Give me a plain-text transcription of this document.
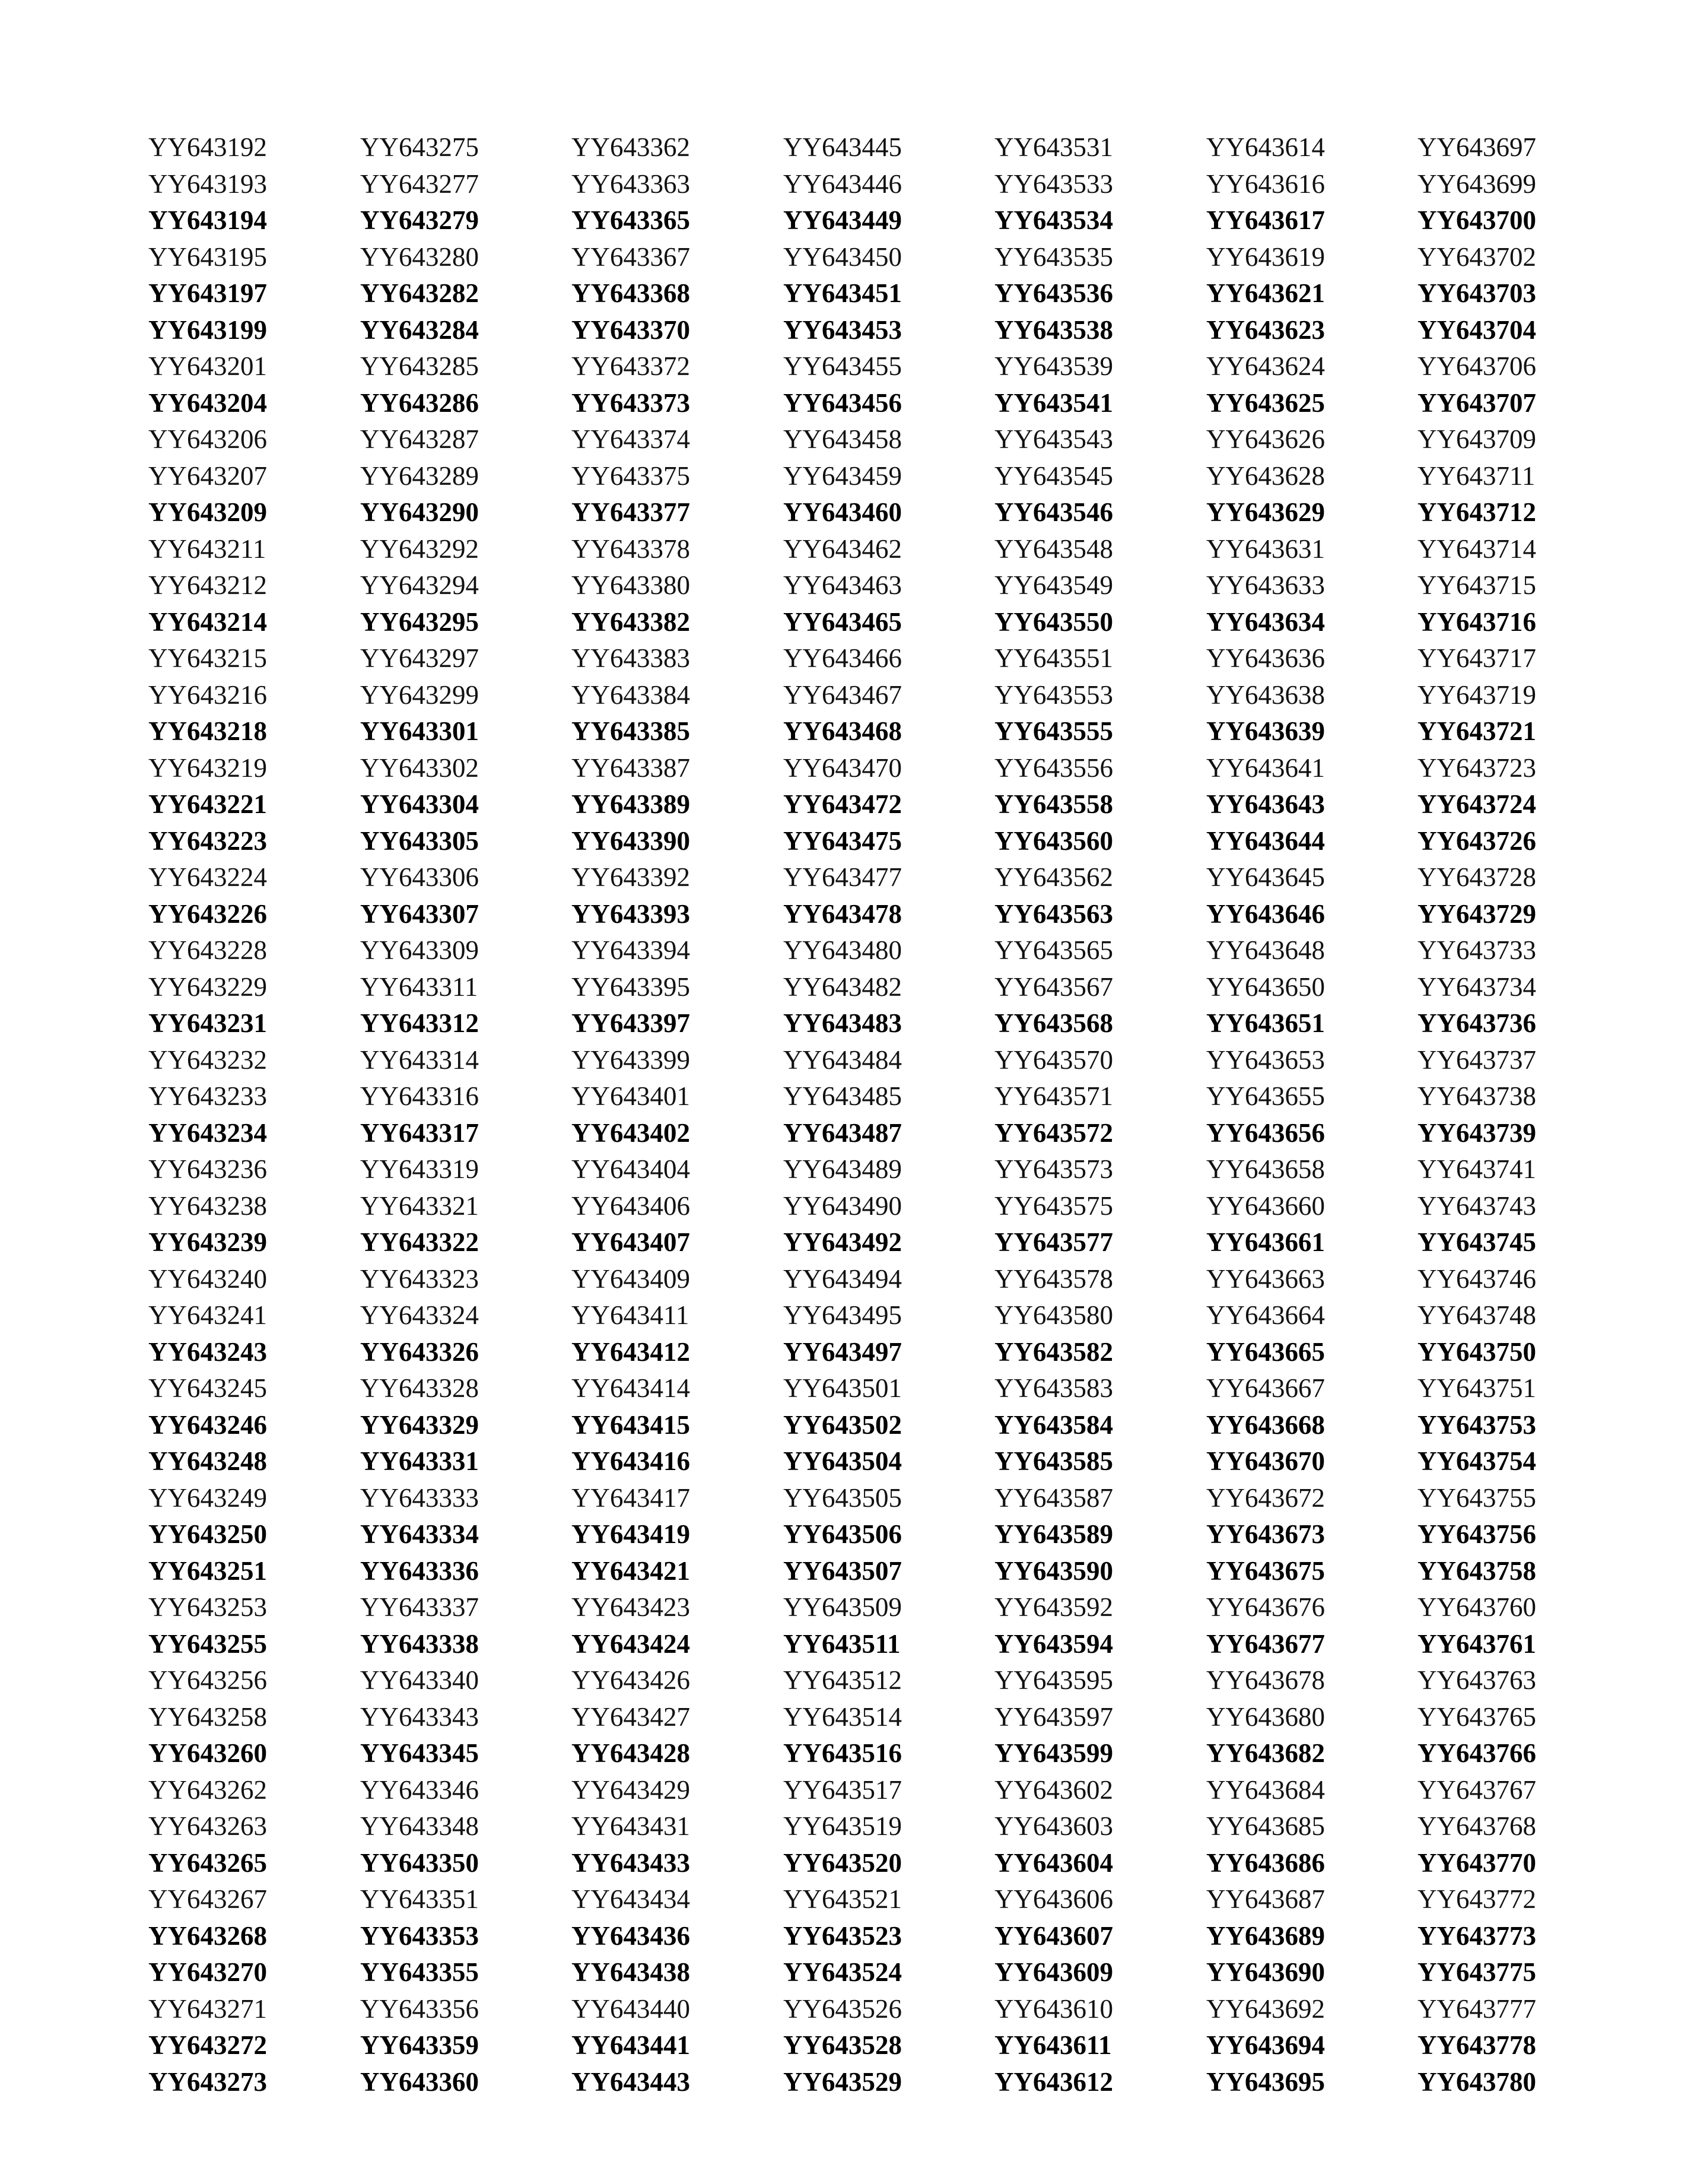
YY643192
YY643193
YY643194
YY643195
YY643197
YY643199
YY643201
YY643204
YY643206
YY643207
YY643209
YY643211
YY643212
YY643214
YY643215
YY643216
YY643218
YY643219
YY643221
YY643223
YY643224
YY643226
YY643228
YY643229
YY643231
YY643232
YY643233
YY643234
YY643236
YY643238
YY643239
YY643240
YY643241
YY643243
YY643245
YY643246
YY643248
YY643249
YY643250
YY643251
YY643253
YY643255
YY643256
YY643258
YY643260
YY643262
YY643263
YY643265
YY643267
YY643268
YY643270
YY643271
YY643272
YY643273
YY643275
YY643277
YY643279
YY643280
YY643282
YY643284
YY643285
YY643286
YY643287
YY643289
YY643290
YY643292
YY643294
YY643295
YY643297
YY643299
YY643301
YY643302
YY643304
YY643305
YY643306
YY643307
YY643309
YY643311
YY643312
YY643314
YY643316
YY643317
YY643319
YY643321
YY643322
YY643323
YY643324
YY643326
YY643328
YY643329
YY643331
YY643333
YY643334
YY643336
YY643337
YY643338
YY643340
YY643343
YY643345
YY643346
YY643348
YY643350
YY643351
YY643353
YY643355
YY643356
YY643359
YY643360
YY643362
YY643363
YY643365
YY643367
YY643368
YY643370
YY643372
YY643373
YY643374
YY643375
YY643377
YY643378
YY643380
YY643382
YY643383
YY643384
YY643385
YY643387
YY643389
YY643390
YY643392
YY643393
YY643394
YY643395
YY643397
YY643399
YY643401
YY643402
YY643404
YY643406
YY643407
YY643409
YY643411
YY643412
YY643414
YY643415
YY643416
YY643417
YY643419
YY643421
YY643423
YY643424
YY643426
YY643427
YY643428
YY643429
YY643431
YY643433
YY643434
YY643436
YY643438
YY643440
YY643441
YY643443
YY643445
YY643446
YY643449
YY643450
YY643451
YY643453
YY643455
YY643456
YY643458
YY643459
YY643460
YY643462
YY643463
YY643465
YY643466
YY643467
YY643468
YY643470
YY643472
YY643475
YY643477
YY643478
YY643480
YY643482
YY643483
YY643484
YY643485
YY643487
YY643489
YY643490
YY643492
YY643494
YY643495
YY643497
YY643501
YY643502
YY643504
YY643505
YY643506
YY643507
YY643509
YY643511
YY643512
YY643514
YY643516
YY643517
YY643519
YY643520
YY643521
YY643523
YY643524
YY643526
YY643528
YY643529
YY643531
YY643533
YY643534
YY643535
YY643536
YY643538
YY643539
YY643541
YY643543
YY643545
YY643546
YY643548
YY643549
YY643550
YY643551
YY643553
YY643555
YY643556
YY643558
YY643560
YY643562
YY643563
YY643565
YY643567
YY643568
YY643570
YY643571
YY643572
YY643573
YY643575
YY643577
YY643578
YY643580
YY643582
YY643583
YY643584
YY643585
YY643587
YY643589
YY643590
YY643592
YY643594
YY643595
YY643597
YY643599
YY643602
YY643603
YY643604
YY643606
YY643607
YY643609
YY643610
YY643611
YY643612
YY643614
YY643616
YY643617
YY643619
YY643621
YY643623
YY643624
YY643625
YY643626
YY643628
YY643629
YY643631
YY643633
YY643634
YY643636
YY643638
YY643639
YY643641
YY643643
YY643644
YY643645
YY643646
YY643648
YY643650
YY643651
YY643653
YY643655
YY643656
YY643658
YY643660
YY643661
YY643663
YY643664
YY643665
YY643667
YY643668
YY643670
YY643672
YY643673
YY643675
YY643676
YY643677
YY643678
YY643680
YY643682
YY643684
YY643685
YY643686
YY643687
YY643689
YY643690
YY643692
YY643694
YY643695
YY643697
YY643699
YY643700
YY643702
YY643703
YY643704
YY643706
YY643707
YY643709
YY643711
YY643712
YY643714
YY643715
YY643716
YY643717
YY643719
YY643721
YY643723
YY643724
YY643726
YY643728
YY643729
YY643733
YY643734
YY643736
YY643737
YY643738
YY643739
YY643741
YY643743
YY643745
YY643746
YY643748
YY643750
YY643751
YY643753
YY643754
YY643755
YY643756
YY643758
YY643760
YY643761
YY643763
YY643765
YY643766
YY643767
YY643768
YY643770
YY643772
YY643773
YY643775
YY643777
YY643778
YY643780
